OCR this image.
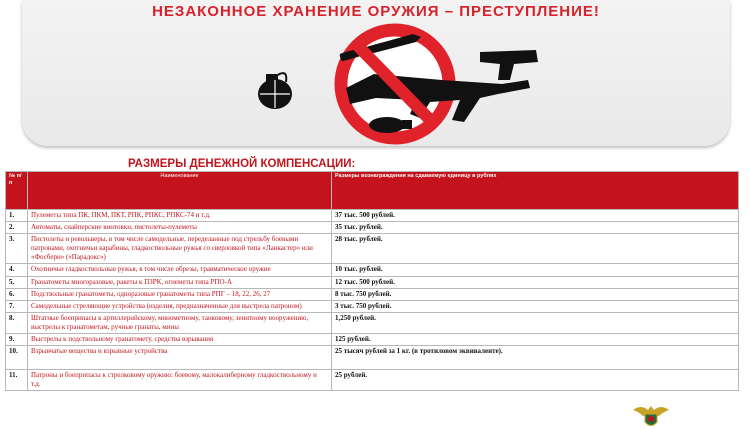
НЕЗАКОННОЕ ХРАНЕНИЕ ОРУЖИЯ – ПРЕСТУПЛЕНИЕ!
РАЗМЕРЫ ДЕНЕЖНОЙ КОМПЕНСАЦИИ:
№ п/п	Наименование	Размеры вознаграждения на сдаваемую единицу в рублях
1.	Пулеметы типа ПК, ПКМ, ПКТ, РПК, РПКС, РПКС-74 и т.д.	37 тыс. 500 рублей.
2.	Автоматы, снайперские винтовки, пистолеты-пулеметы	35 тыс. рублей.
3.	Пистолеты и револьверы, в том числе самодельные, переделанные под стрельбу боевыми патронами, охотничьи карабины, гладкоствольные ружья со сверловкой типа «Ланкастер» или «Фосберн» («Парадокс»)	28 тыс. рублей.
4.	Охотничьи гладкоствольные ружья, в том числе обрезы, травматическое оружие	10 тыс. рублей.
5.	Гранатометы многоразовые, ракеты к ПЗРК, огнеметы типа РПО-А	12 тыс. 500 рублей.
6.	Подствольные гранатометы, одноразовые гранатометы типа РПГ – 18, 22, 26, 27	8 тыс. 750 рублей.
7.	Самодельные стреляющие устройства (изделия, предназначенные для выстрела патроном)	3 тыс. 750 рублей.
8.	Штатные боеприпасы к артиллерийскому, минометному, танковому, зенитному вооружению, выстрелы к гранатометам, ручные гранаты, мины	1,250 рублей.
9.	Выстрелы к подствольному гранатомету, средства взрывания	125 рублей.
10.	Взрывчатые вещества и взрывные устройства	25 тысяч рублей за 1 кг. (в тротиловом эквиваленте).
11.	Патроны и боеприпасы к стрелковому оружию: боевому, малокалиберному гладкоствольному и т.д.	25 рублей.
